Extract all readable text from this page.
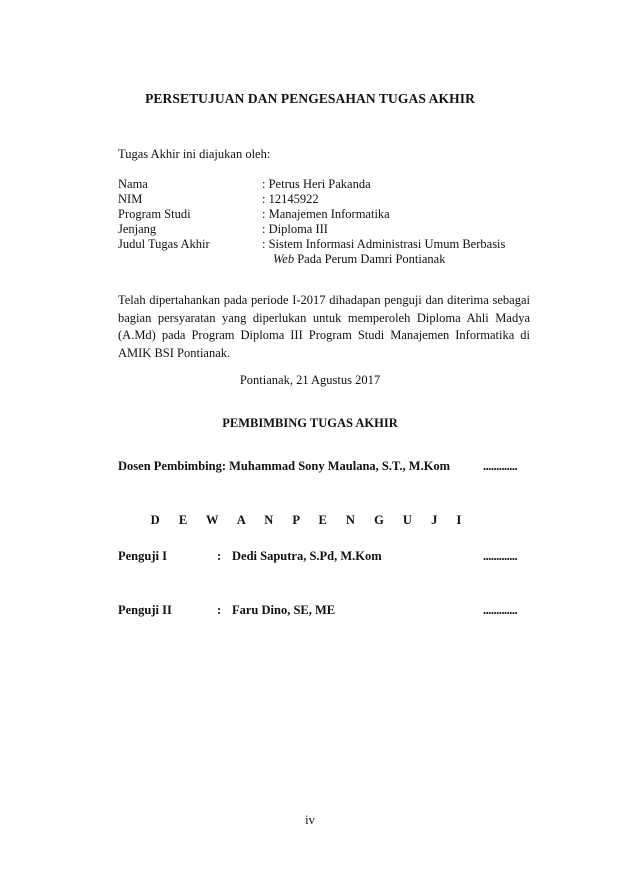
PERSETUJUAN DAN PENGESAHAN TUGAS AKHIR
Tugas Akhir ini diajukan oleh:
Nama	: Petrus Heri Pakanda
NIM	: 12145922
Program Studi	: Manajemen Informatika
Jenjang	: Diploma III
Judul Tugas Akhir	: Sistem Informasi Administrasi Umum Berbasis
Web Pada Perum Damri Pontianak
Telah dipertahankan pada periode I-2017 dihadapan penguji dan diterima sebagai bagian persyaratan yang diperlukan untuk memperoleh Diploma Ahli Madya (A.Md) pada Program Diploma III Program Studi Manajemen Informatika di AMIK BSI Pontianak.
Pontianak, 21 Agustus 2017
PEMBIMBING TUGAS AKHIR
Dosen Pembimbing: Muhammad Sony Maulana, S.T., M.Kom	.............
D E W A N P E N G U J I
Penguji I	: Dedi Saputra, S.Pd, M.Kom	.............
Penguji II	: Faru Dino, SE, ME	.............
iv
